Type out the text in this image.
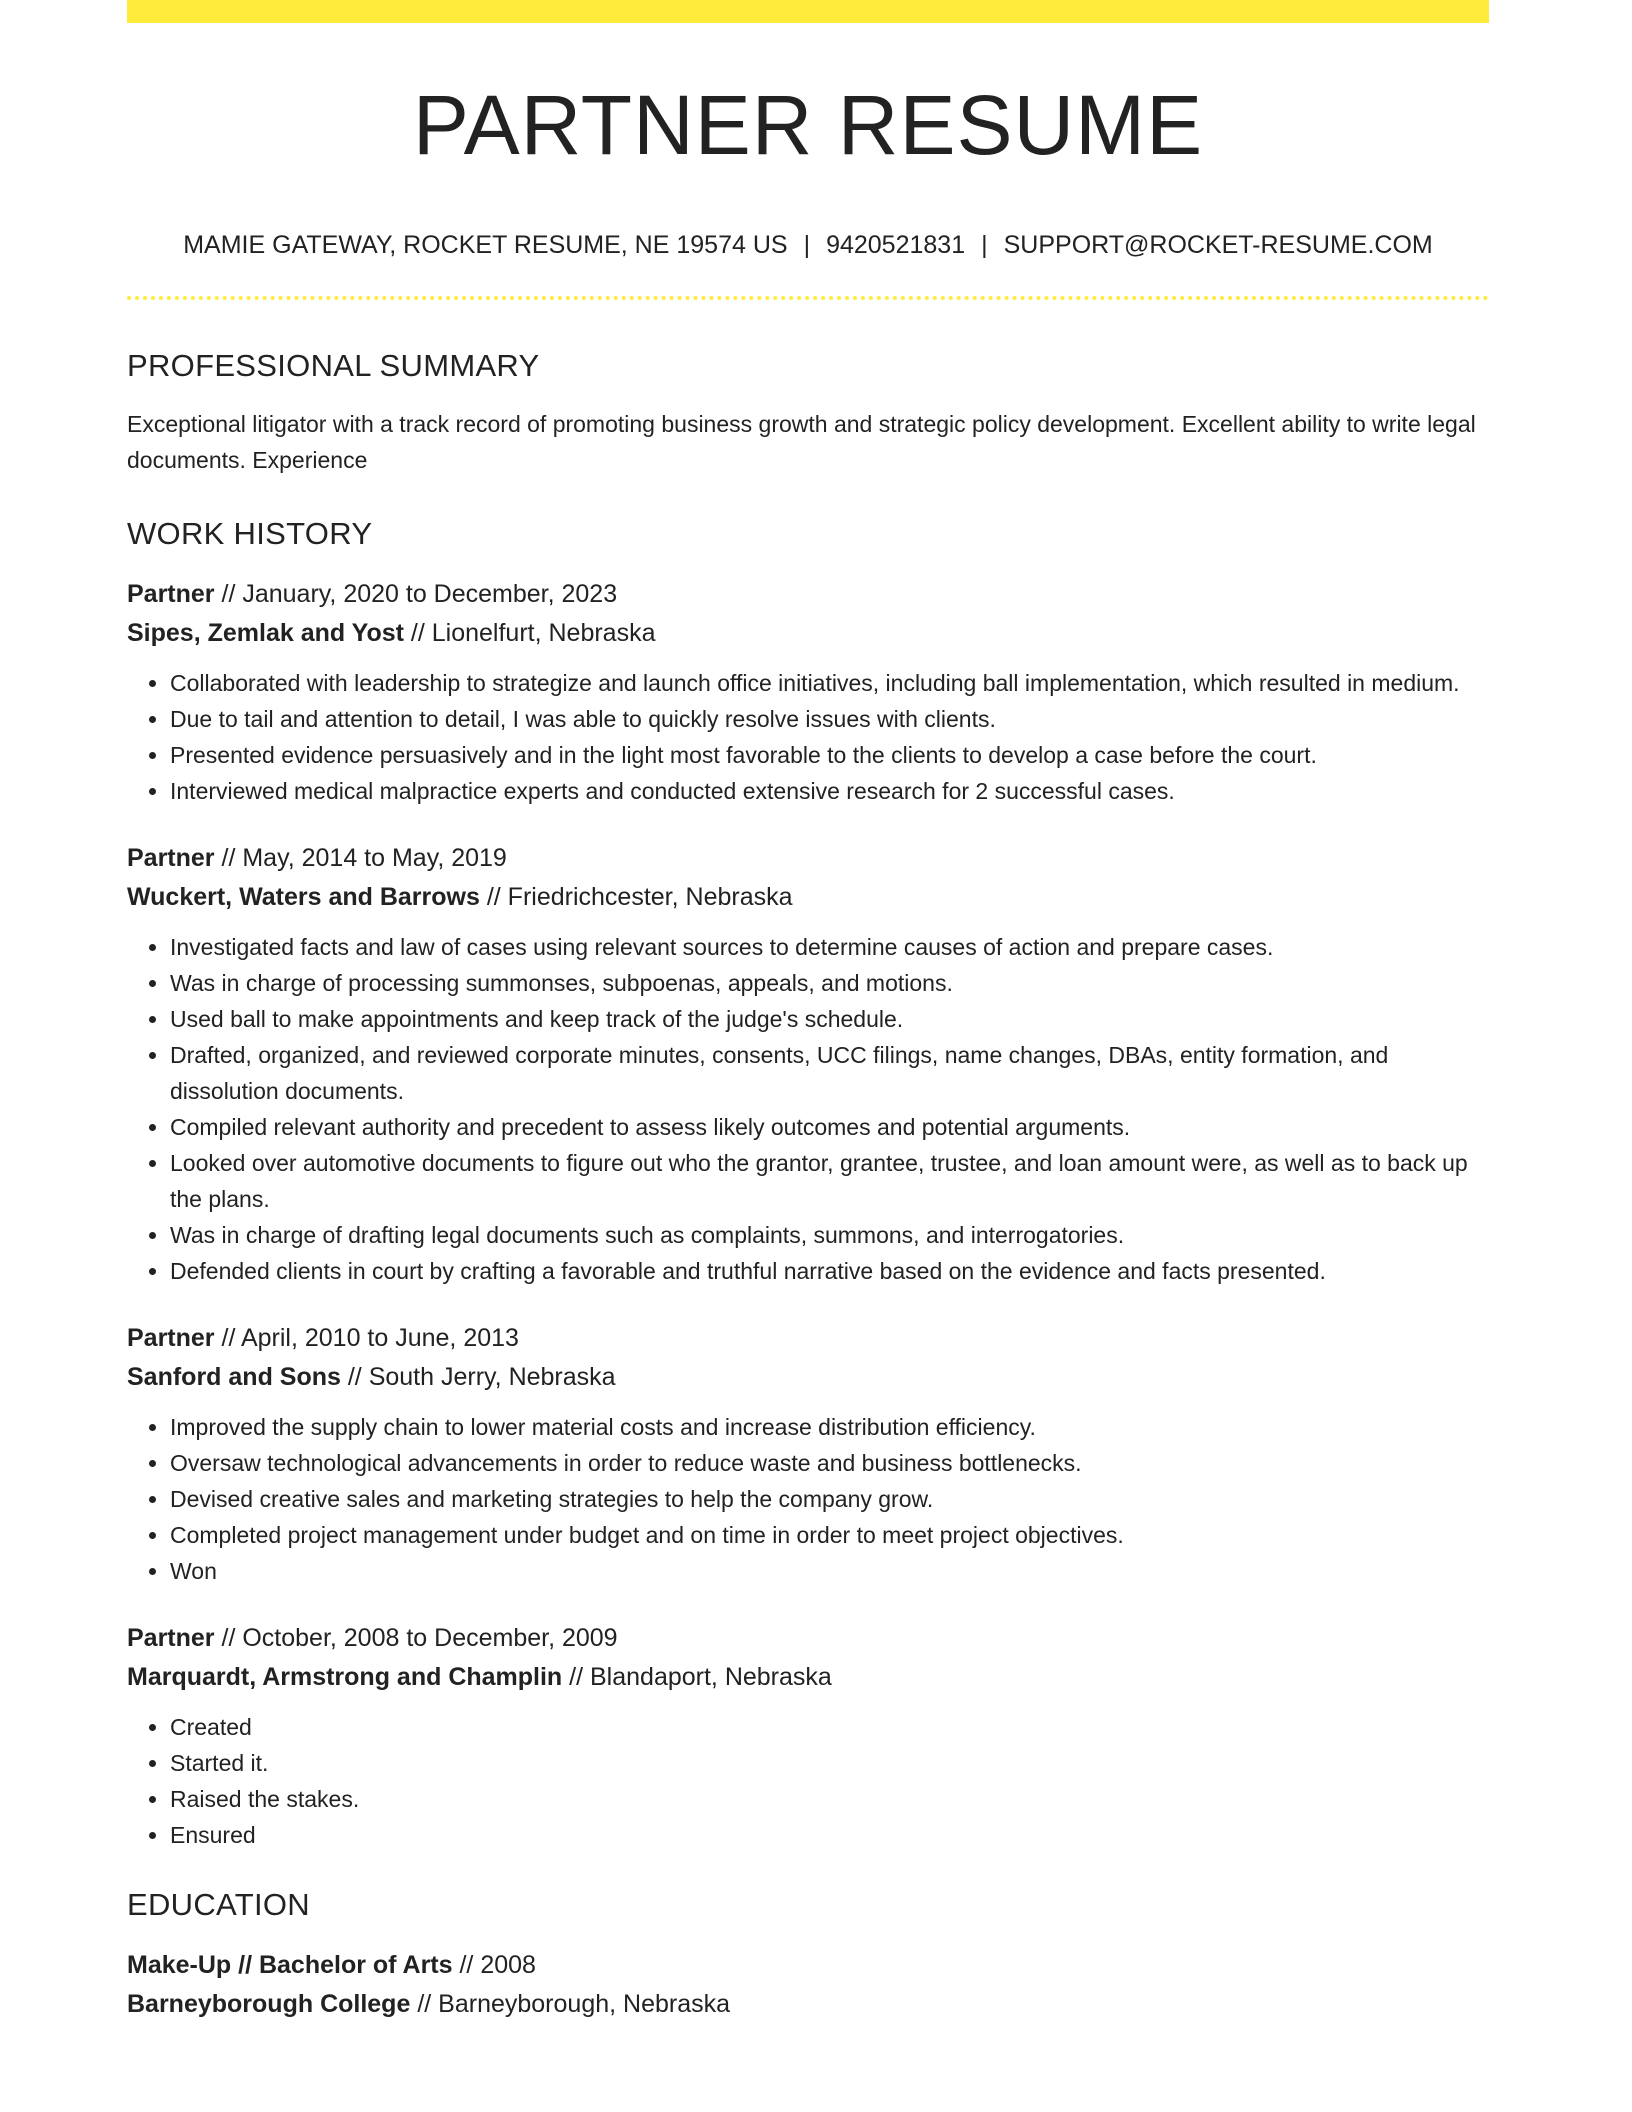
PARTNER RESUME
MAMIE GATEWAY, ROCKET RESUME, NE 19574 US | 9420521831 | SUPPORT@ROCKET-RESUME.COM
PROFESSIONAL SUMMARY
Exceptional litigator with a track record of promoting business growth and strategic policy development. Excellent ability to write legal documents. Experience
WORK HISTORY
Partner // January, 2020 to December, 2023
Sipes, Zemlak and Yost // Lionelfurt, Nebraska
• Collaborated with leadership to strategize and launch office initiatives, including ball implementation, which resulted in medium.
• Due to tail and attention to detail, I was able to quickly resolve issues with clients.
• Presented evidence persuasively and in the light most favorable to the clients to develop a case before the court.
• Interviewed medical malpractice experts and conducted extensive research for 2 successful cases.
Partner // May, 2014 to May, 2019
Wuckert, Waters and Barrows // Friedrichcester, Nebraska
• Investigated facts and law of cases using relevant sources to determine causes of action and prepare cases.
• Was in charge of processing summonses, subpoenas, appeals, and motions.
• Used ball to make appointments and keep track of the judge's schedule.
• Drafted, organized, and reviewed corporate minutes, consents, UCC filings, name changes, DBAs, entity formation, and dissolution documents.
• Compiled relevant authority and precedent to assess likely outcomes and potential arguments.
• Looked over automotive documents to figure out who the grantor, grantee, trustee, and loan amount were, as well as to back up the plans.
• Was in charge of drafting legal documents such as complaints, summons, and interrogatories.
• Defended clients in court by crafting a favorable and truthful narrative based on the evidence and facts presented.
Partner // April, 2010 to June, 2013
Sanford and Sons // South Jerry, Nebraska
• Improved the supply chain to lower material costs and increase distribution efficiency.
• Oversaw technological advancements in order to reduce waste and business bottlenecks.
• Devised creative sales and marketing strategies to help the company grow.
• Completed project management under budget and on time in order to meet project objectives.
• Won
Partner // October, 2008 to December, 2009
Marquardt, Armstrong and Champlin // Blandaport, Nebraska
• Created
• Started it.
• Raised the stakes.
• Ensured
EDUCATION
Make-Up // Bachelor of Arts // 2008
Barneyborough College // Barneyborough, Nebraska
